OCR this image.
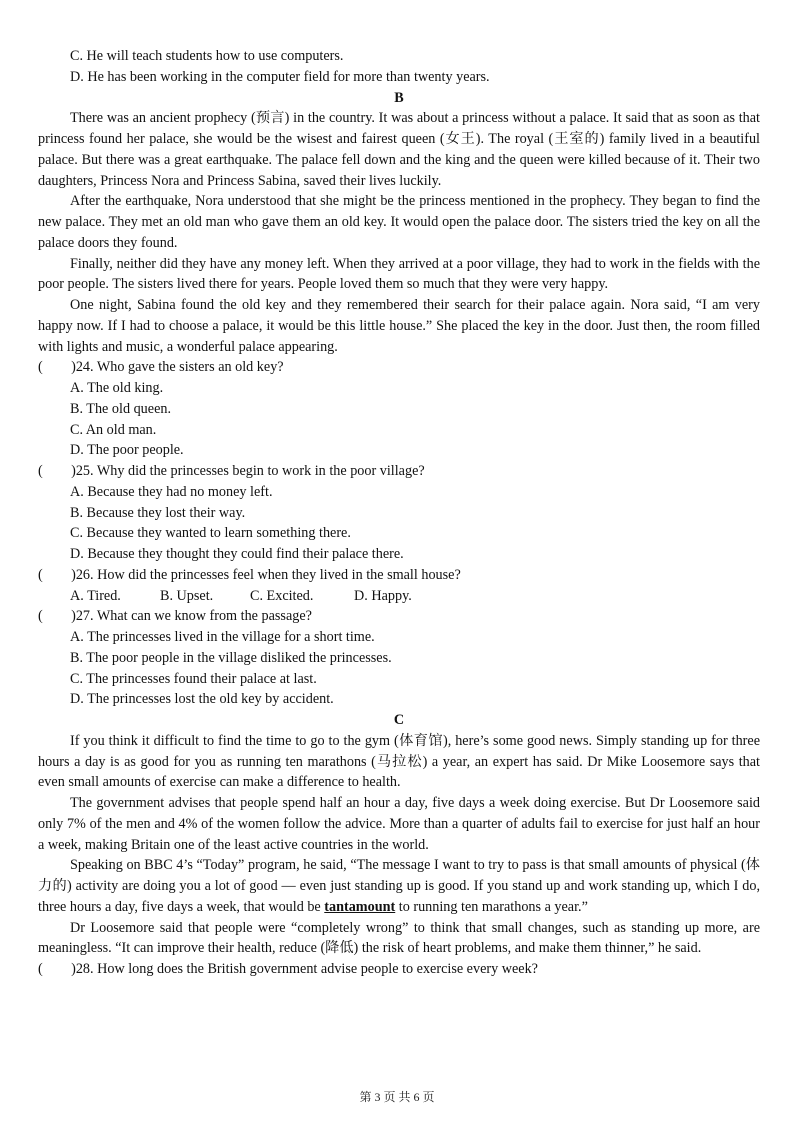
C. He will teach students how to use computers.

D. He has been working in the computer field for more than twenty years.

B

There was an ancient prophecy (预言) in the country. It was about a princess without a palace. It said that as soon as that princess found her palace, she would be the wisest and fairest queen (女王). The royal (王室的) family lived in a beautiful palace. But there was a great earthquake. The palace fell down and the king and the queen were killed because of it. Their two daughters, Princess Nora and Princess Sabina, saved their lives luckily.

After the earthquake, Nora understood that she might be the princess mentioned in the prophecy. They began to find the new palace. They met an old man who gave them an old key. It would open the palace door. The sisters tried the key on all the palace doors they found.

Finally, neither did they have any money left. When they arrived at a poor village, they had to work in the fields with the poor people. The sisters lived there for years. People loved them so much that they were very happy.

One night, Sabina found the old key and they remembered their search for their palace again. Nora said, “I am very happy now. If I had to choose a palace, it would be this little house.” She placed the key in the door. Just then, the room filled with lights and music, a wonderful palace appearing.

(　　)24. Who gave the sisters an old key?

A. The old king.

B. The old queen.

C. An old man.

D. The poor people.

(　　)25. Why did the princesses begin to work in the poor village?

A. Because they had no money left.

B. Because they lost their way.

C. Because they wanted to learn something there.

D. Because they thought they could find their palace there.

(　　)26. How did the princesses feel when they lived in the small house?

A. Tired.	B. Upset.	C. Excited.	D. Happy.

(　　)27. What can we know from the passage?

A. The princesses lived in the village for a short time.

B. The poor people in the village disliked the princesses.

C. The princesses found their palace at last.

D. The princesses lost the old key by accident.

C

If you think it difficult to find the time to go to the gym (体育馆), here’s some good news. Simply standing up for three hours a day is as good for you as running ten marathons (马拉松) a year, an expert has said. Dr Mike Loosemore says that even small amounts of exercise can make a difference to health.

The government advises that people spend half an hour a day, five days a week doing exercise. But Dr Loosemore said only 7% of the men and 4% of the women follow the advice. More than a quarter of adults fail to exercise for just half an hour a week, making Britain one of the least active countries in the world.

Speaking on BBC 4’s “Today” program, he said, “The message I want to try to pass is that small amounts of physical (体力的) activity are doing you a lot of good — even just standing up is good. If you stand up and work standing up, which I do, three hours a day, five days a week, that would be tantamount to running ten marathons a year.”

Dr Loosemore said that people were “completely wrong” to think that small changes, such as standing up more, are meaningless. “It can improve their health, reduce (降低) the risk of heart problems, and make them thinner,” he said.

(　　)28. How long does the British government advise people to exercise every week?

第 3 页 共 6 页
